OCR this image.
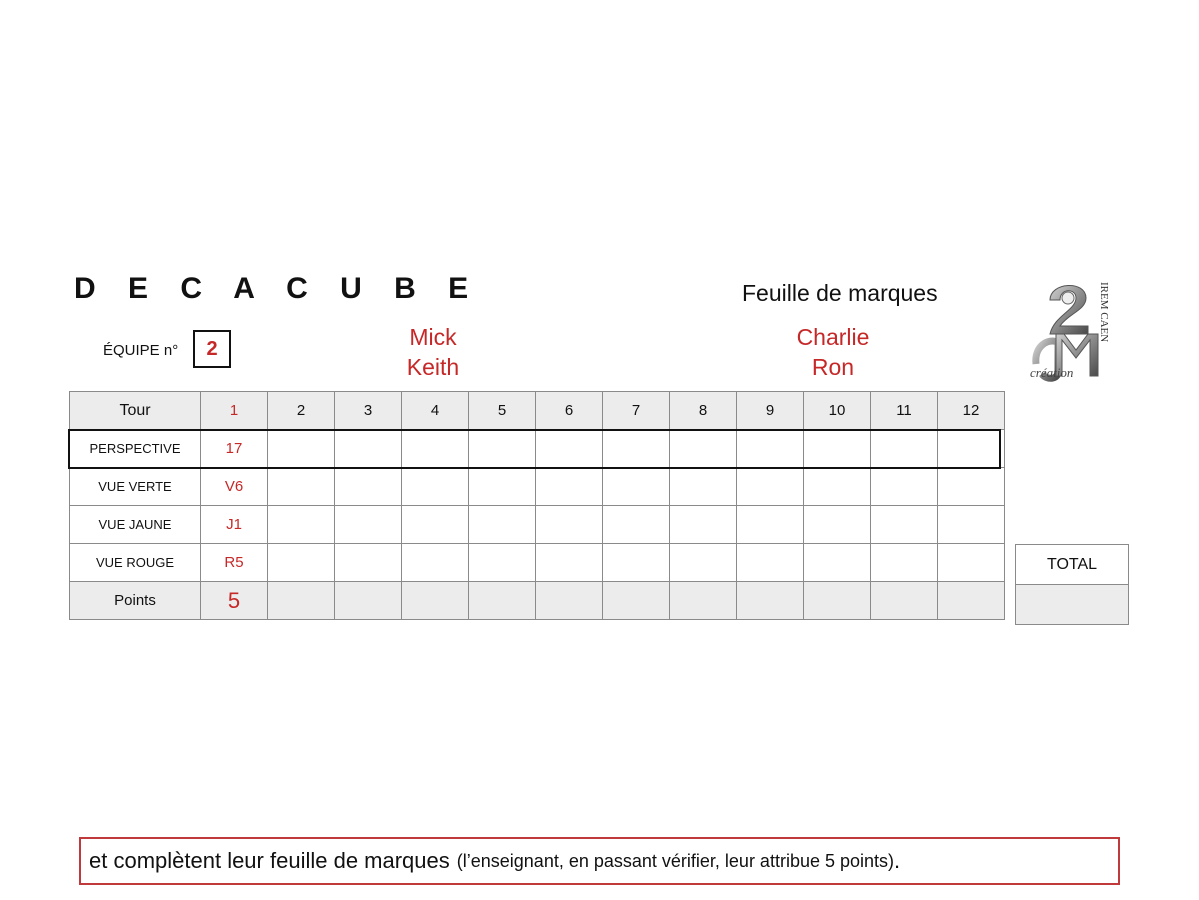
D E C A C U B E	Feuille de marques	IREM CAEN
création
ÉQUIPE n° 2	Mick
Keith
Charlie
Ron
Tour	1	2	3	4	5	6	7	8	9	10	11	12
PERSPECTIVE	17											
VUE VERTE	V6											
VUE JAUNE	J1											
VUE ROUGE	R5											
Points	5											
TOTAL

et complètent leur feuille de marques (l’enseignant, en passant vérifier, leur attribue 5 points) .
